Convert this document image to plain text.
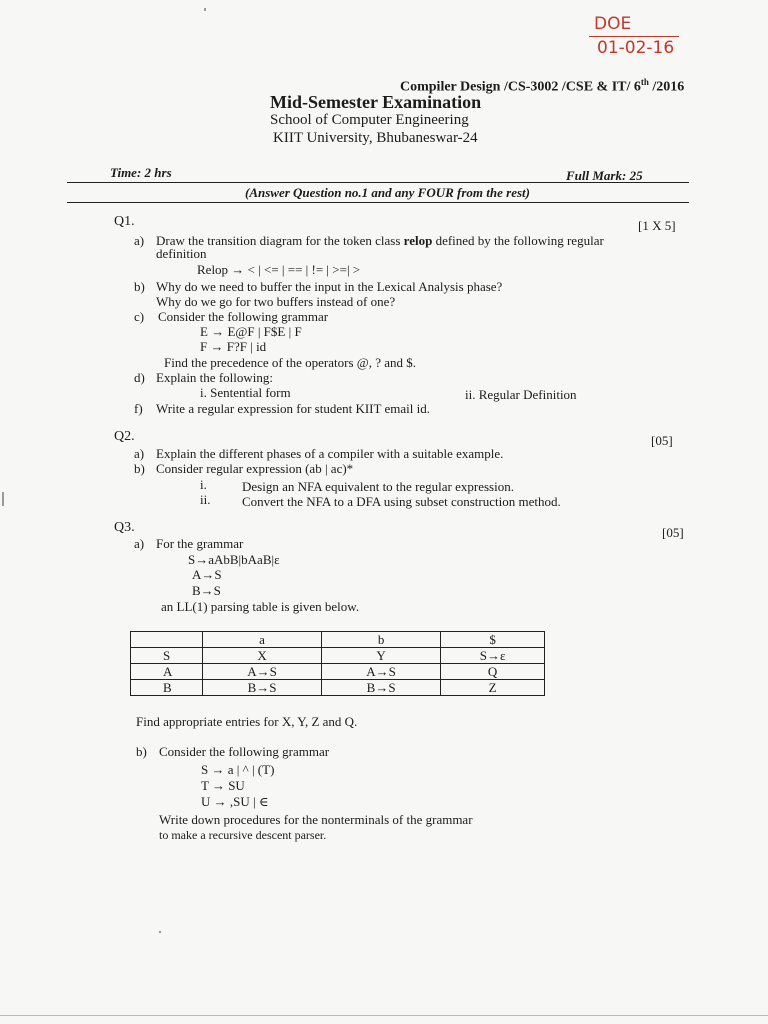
DOE
01-02-16
Compiler Design /CS-3002 /CSE & IT/ 6th /2016
Mid-Semester Examination
School of Computer Engineering
KIIT University, Bhubaneswar-24
Time: 2 hrs	Full Mark: 25
(Answer Question no.1 and any FOUR from the rest)
Q1.	[1 X 5]
a) Draw the transition diagram for the token class relop defined by the following regular
definition
Relop → < | <= | == | != | >=| >
b) Why do we need to buffer the input in the Lexical Analysis phase?
Why do we go for two buffers instead of one?
c) Consider the following grammar
E → E@F | F$E | F
F → F?F | id
Find the precedence of the operators @, ? and $.
d) Explain the following:
i. Sentential form	ii. Regular Definition
f) Write a regular expression for student KIIT email id.
Q2.	[05]
a) Explain the different phases of a compiler with a suitable example.
b) Consider regular expression (ab | ac)*
i.	Design an NFA equivalent to the regular expression.
ii. Convert the NFA to a DFA using subset construction method.
Q3.	[05]
a) For the grammar
S→aAbB|bAaB|ε
A→S
B→S
an LL(1) parsing table is given below.
	a	b	$
S	X	Y	S→ε
A	A→S	A→S	Q
B	B→S	B→S	Z
Find appropriate entries for X, Y, Z and Q.
b) Consider the following grammar
S → a | ^ | (T)
T → SU
U → ,SU | ∈
Write down procedures for the nonterminals of the grammar
to make a recursive descent parser.
